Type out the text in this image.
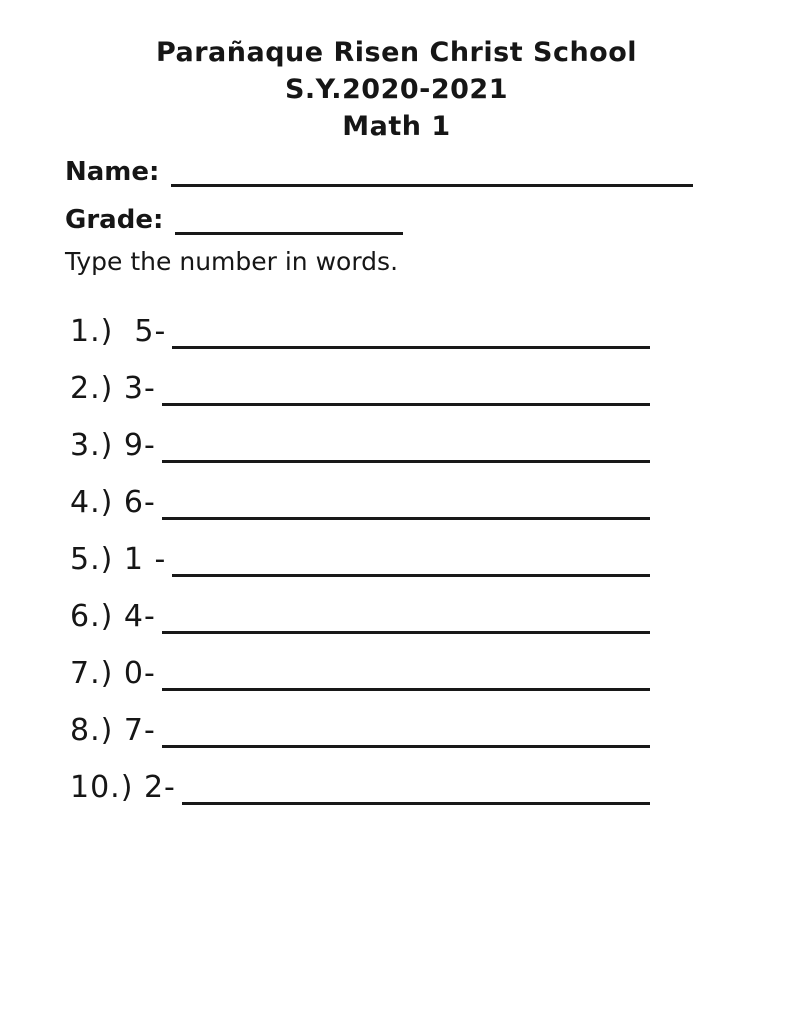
Parañaque Risen Christ School
S.Y.2020-2021
Math 1
Name:
Grade:
Type the number in words.
1.)  5-
2.) 3-
3.) 9-
4.) 6-
5.) 1 -
6.) 4-
7.) 0-
8.) 7-
10.) 2-
